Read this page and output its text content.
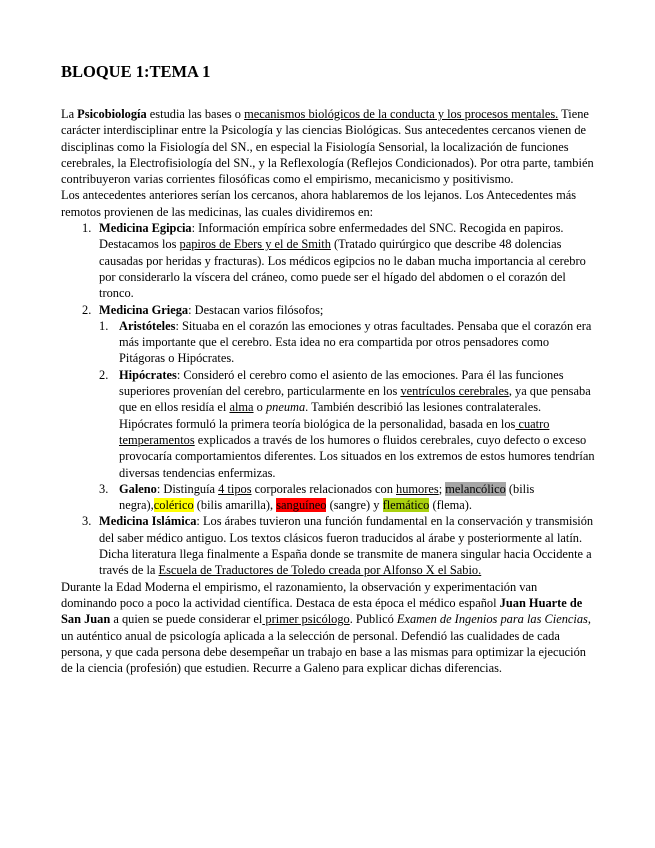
BLOQUE 1:TEMA 1

La Psicobiología estudia las bases o mecanismos biológicos de la conducta y los procesos mentales. Tiene carácter interdisciplinar entre la Psicología y las ciencias Biológicas. Sus antecedentes cercanos vienen de disciplinas como la Fisiología del SN., en especial la Fisiología Sensorial, la localización de funciones cerebrales, la Electrofisiología del SN., y la Reflexología (Reflejos Condicionados). Por otra parte, también contribuyeron varias corrientes filosóficas como el empirismo, mecanicismo y positivismo.

Los antecedentes anteriores serían los cercanos, ahora hablaremos de los lejanos. Los Antecedentes más remotos provienen de las medicinas, las cuales dividiremos en:

1. Medicina Egipcia: Información empírica sobre enfermedades del SNC. Recogida en papiros. Destacamos los papiros de Ebers y el de Smith (Tratado quirúrgico que describe 48 dolencias causadas por heridas y fracturas). Los médicos egipcios no le daban mucha importancia al cerebro por considerarlo la víscera del cráneo, como puede ser el hígado del abdomen o el corazón del tronco.
2. Medicina Griega: Destacan varios filósofos;
1. Aristóteles: Situaba en el corazón las emociones y otras facultades. Pensaba que el corazón era más importante que el cerebro. Esta idea no era compartida por otros pensadores como Pitágoras o Hipócrates.
2. Hipócrates: Consideró el cerebro como el asiento de las emociones. Para él las funciones superiores provenían del cerebro, particularmente en los ventrículos cerebrales, ya que pensaba que en ellos residía el alma o pneuma. También describió las lesiones contralaterales. Hipócrates formuló la primera teoría biológica de la personalidad, basada en los cuatro temperamentos explicados a través de los humores o fluidos cerebrales, cuyo defecto o exceso provocaría comportamientos diferentes. Los situados en los extremos de estos humores tendrían diversas tendencias enfermizas.
3. Galeno: Distinguía 4 tipos corporales relacionados con humores; melancólico (bilis negra),colérico (bilis amarilla), sanguíneo (sangre) y flemático (flema).
3. Medicina Islámica: Los árabes tuvieron una función fundamental en la conservación y transmisión del saber médico antiguo. Los textos clásicos fueron traducidos al árabe y posteriormente al latín. Dicha literatura llega finalmente a España donde se transmite de manera singular hacia Occidente a través de la Escuela de Traductores de Toledo creada por Alfonso X el Sabio.

Durante la Edad Moderna el empirismo, el razonamiento, la observación y experimentación van dominando poco a poco la actividad científica. Destaca de esta época el médico español Juan Huarte de San Juan a quien se puede considerar el primer psicólogo. Publicó Examen de Ingenios para las Ciencias, un auténtico anual de psicología aplicada a la selección de personal. Defendió las cualidades de cada persona, y que cada persona debe desempeñar un trabajo en base a las mismas para optimizar la ejecución de la ciencia (profesión) que estudien. Recurre a Galeno para explicar dichas diferencias.
